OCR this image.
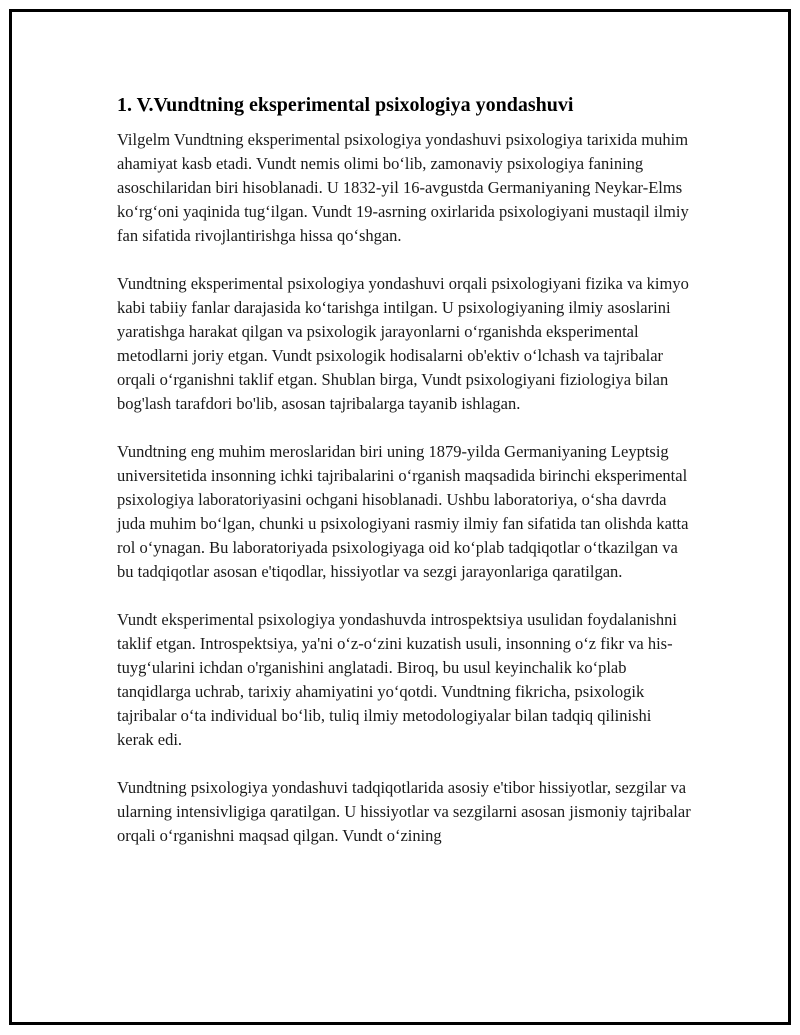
1. V.Vundtning eksperimental psixologiya yondashuvi

Vilgelm Vundtning eksperimental psixologiya yondashuvi psixologiya tarixida muhim ahamiyat kasb etadi. Vundt nemis olimi bo‘lib, zamonaviy psixologiya fanining asoschilaridan biri hisoblanadi. U 1832-yil 16-avgustda Germaniyaning Neykar-Elms ko‘rg‘oni yaqinida tug‘ilgan. Vundt 19-asrning oxirlarida psixologiyani mustaqil ilmiy fan sifatida rivojlantirishga hissa qo‘shgan.

Vundtning eksperimental psixologiya yondashuvi orqali psixologiyani fizika va kimyo kabi tabiiy fanlar darajasida ko‘tarishga intilgan. U psixologiyaning ilmiy asoslarini yaratishga harakat qilgan va psixologik jarayonlarni o‘rganishda eksperimental metodlarni joriy etgan. Vundt psixologik hodisalarni ob'ektiv o‘lchash va tajribalar orqali o‘rganishni taklif etgan. Shublan birga, Vundt psixologiyani fiziologiya bilan bog'lash tarafdori bo'lib, asosan tajribalarga tayanib ishlagan.

Vundtning eng muhim meroslaridan biri uning 1879-yilda Germaniyaning Leyptsig universitetida insonning ichki tajribalarini o‘rganish maqsadida birinchi eksperimental psixologiya laboratoriyasini ochgani hisoblanadi. Ushbu laboratoriya, o‘sha davrda juda muhim bo‘lgan, chunki u psixologiyani rasmiy ilmiy fan sifatida tan olishda katta rol o‘ynagan. Bu laboratoriyada psixologiyaga oid ko‘plab tadqiqotlar o‘tkazilgan va bu tadqiqotlar asosan e'tiqodlar, hissiyotlar va sezgi jarayonlariga qaratilgan.

Vundt eksperimental psixologiya yondashuvda introspektsiya usulidan foydalanishni taklif etgan. Introspektsiya, ya'ni o‘z-o‘zini kuzatish usuli, insonning o‘z fikr va his-tuyg‘ularini ichdan o'rganishini anglatadi. Biroq, bu usul keyinchalik ko‘plab tanqidlarga uchrab, tarixiy ahamiyatini yo‘qotdi. Vundtning fikricha, psixologik tajribalar o‘ta individual bo‘lib, tuliq ilmiy metodologiyalar bilan tadqiq qilinishi kerak edi.

Vundtning psixologiya yondashuvi tadqiqotlarida asosiy e'tibor hissiyotlar, sezgilar va ularning intensivligiga qaratilgan. U hissiyotlar va sezgilarni asosan jismoniy tajribalar orqali o‘rganishni maqsad qilgan. Vundt o‘zining
